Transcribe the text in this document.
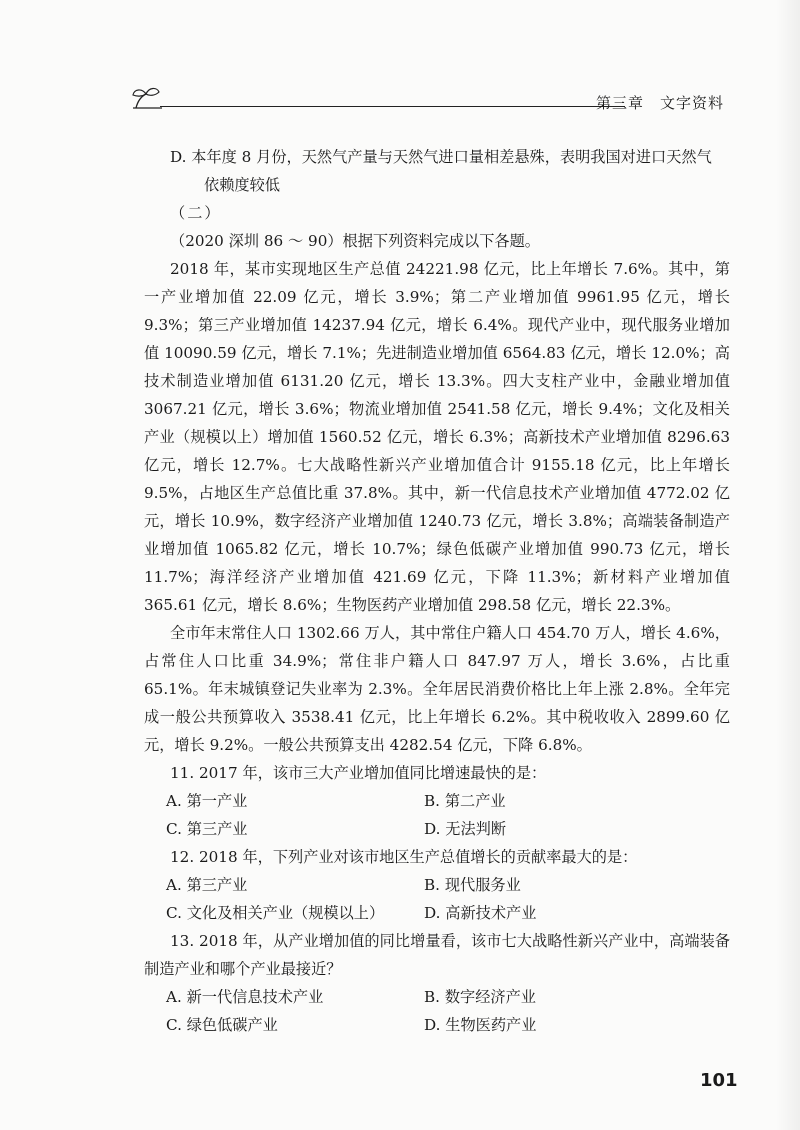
第三章　文字资料

D. 本年度 8 月份，天然气产量与天然气进口量相差悬殊，表明我国对进口天然气

依赖度较低

（二）

（2020 深圳 86 ～ 90）根据下列资料完成以下各题。

2018 年，某市实现地区生产总值 24221.98 亿元，比上年增长 7.6%。其中，第一产业增加值 22.09 亿元，增长 3.9%；第二产业增加值 9961.95 亿元，增长 9.3%；第三产业增加值 14237.94 亿元，增长 6.4%。现代产业中，现代服务业增加值 10090.59 亿元，增长 7.1%；先进制造业增加值 6564.83 亿元，增长 12.0%；高技术制造业增加值 6131.20 亿元，增长 13.3%。四大支柱产业中，金融业增加值 3067.21 亿元，增长 3.6%；物流业增加值 2541.58 亿元，增长 9.4%；文化及相关产业（规模以上）增加值 1560.52 亿元，增长 6.3%；高新技术产业增加值 8296.63 亿元，增长 12.7%。七大战略性新兴产业增加值合计 9155.18 亿元，比上年增长 9.5%，占地区生产总值比重 37.8%。其中，新一代信息技术产业增加值 4772.02 亿元，增长 10.9%，数字经济产业增加值 1240.73 亿元，增长 3.8%；高端装备制造产业增加值 1065.82 亿元，增长 10.7%；绿色低碳产业增加值 990.73 亿元，增长 11.7%；海洋经济产业增加值 421.69 亿元，下降 11.3%；新材料产业增加值 365.61 亿元，增长 8.6%；生物医药产业增加值 298.58 亿元，增长 22.3%。

全市年末常住人口 1302.66 万人，其中常住户籍人口 454.70 万人，增长 4.6%，占常住人口比重 34.9%；常住非户籍人口 847.97 万人，增长 3.6%，占比重 65.1%。年末城镇登记失业率为 2.3%。全年居民消费价格比上年上涨 2.8%。全年完成一般公共预算收入 3538.41 亿元，比上年增长 6.2%。其中税收收入 2899.60 亿元，增长 9.2%。一般公共预算支出 4282.54 亿元，下降 6.8%。

11. 2017 年，该市三大产业增加值同比增速最快的是：

A. 第一产业	B. 第二产业
C. 第三产业	D. 无法判断

12. 2018 年，下列产业对该市地区生产总值增长的贡献率最大的是：

A. 第三产业	B. 现代服务业
C. 文化及相关产业（规模以上）	D. 高新技术产业

13. 2018 年，从产业增加值的同比增量看，该市七大战略性新兴产业中，高端装备制造产业和哪个产业最接近？

A. 新一代信息技术产业	B. 数字经济产业
C. 绿色低碳产业	D. 生物医药产业
101
